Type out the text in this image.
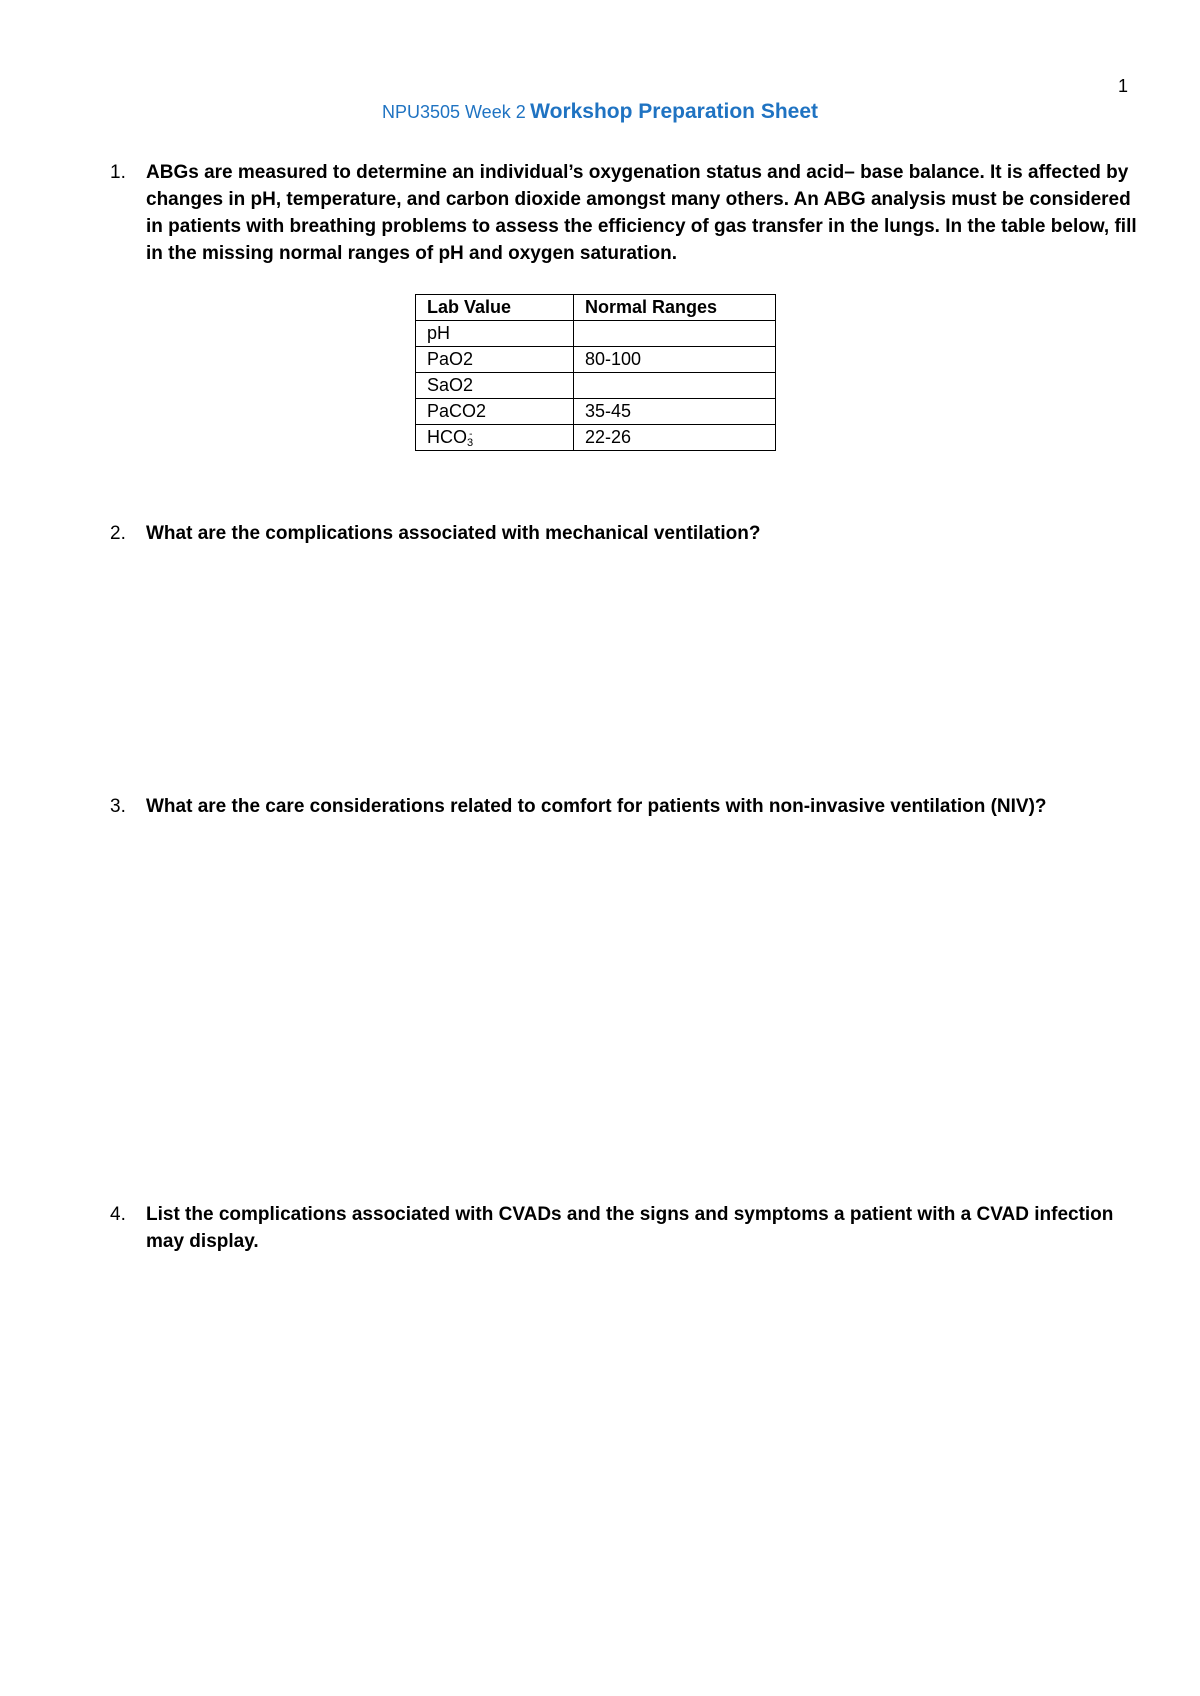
1
NPU3505 Week 2 Workshop Preparation Sheet
1.	ABGs are measured to determine an individual’s oxygenation status and acid– base balance. It is affected by changes in pH, temperature, and carbon dioxide amongst many others. An ABG analysis must be considered in patients with breathing problems to assess the efficiency of gas transfer in the lungs. In the table below, fill in the missing normal ranges of pH and oxygen saturation.
Lab Value	Normal Ranges
pH	
PaO2	80-100
SaO2	
PaCO2	35-45
$HCO_3^-$	22-26
2.	What are the complications associated with mechanical ventilation?
3.	What are the care considerations related to comfort for patients with non-invasive ventilation (NIV)?
4.	List the complications associated with CVADs and the signs and symptoms a patient with a CVAD infection may display.
